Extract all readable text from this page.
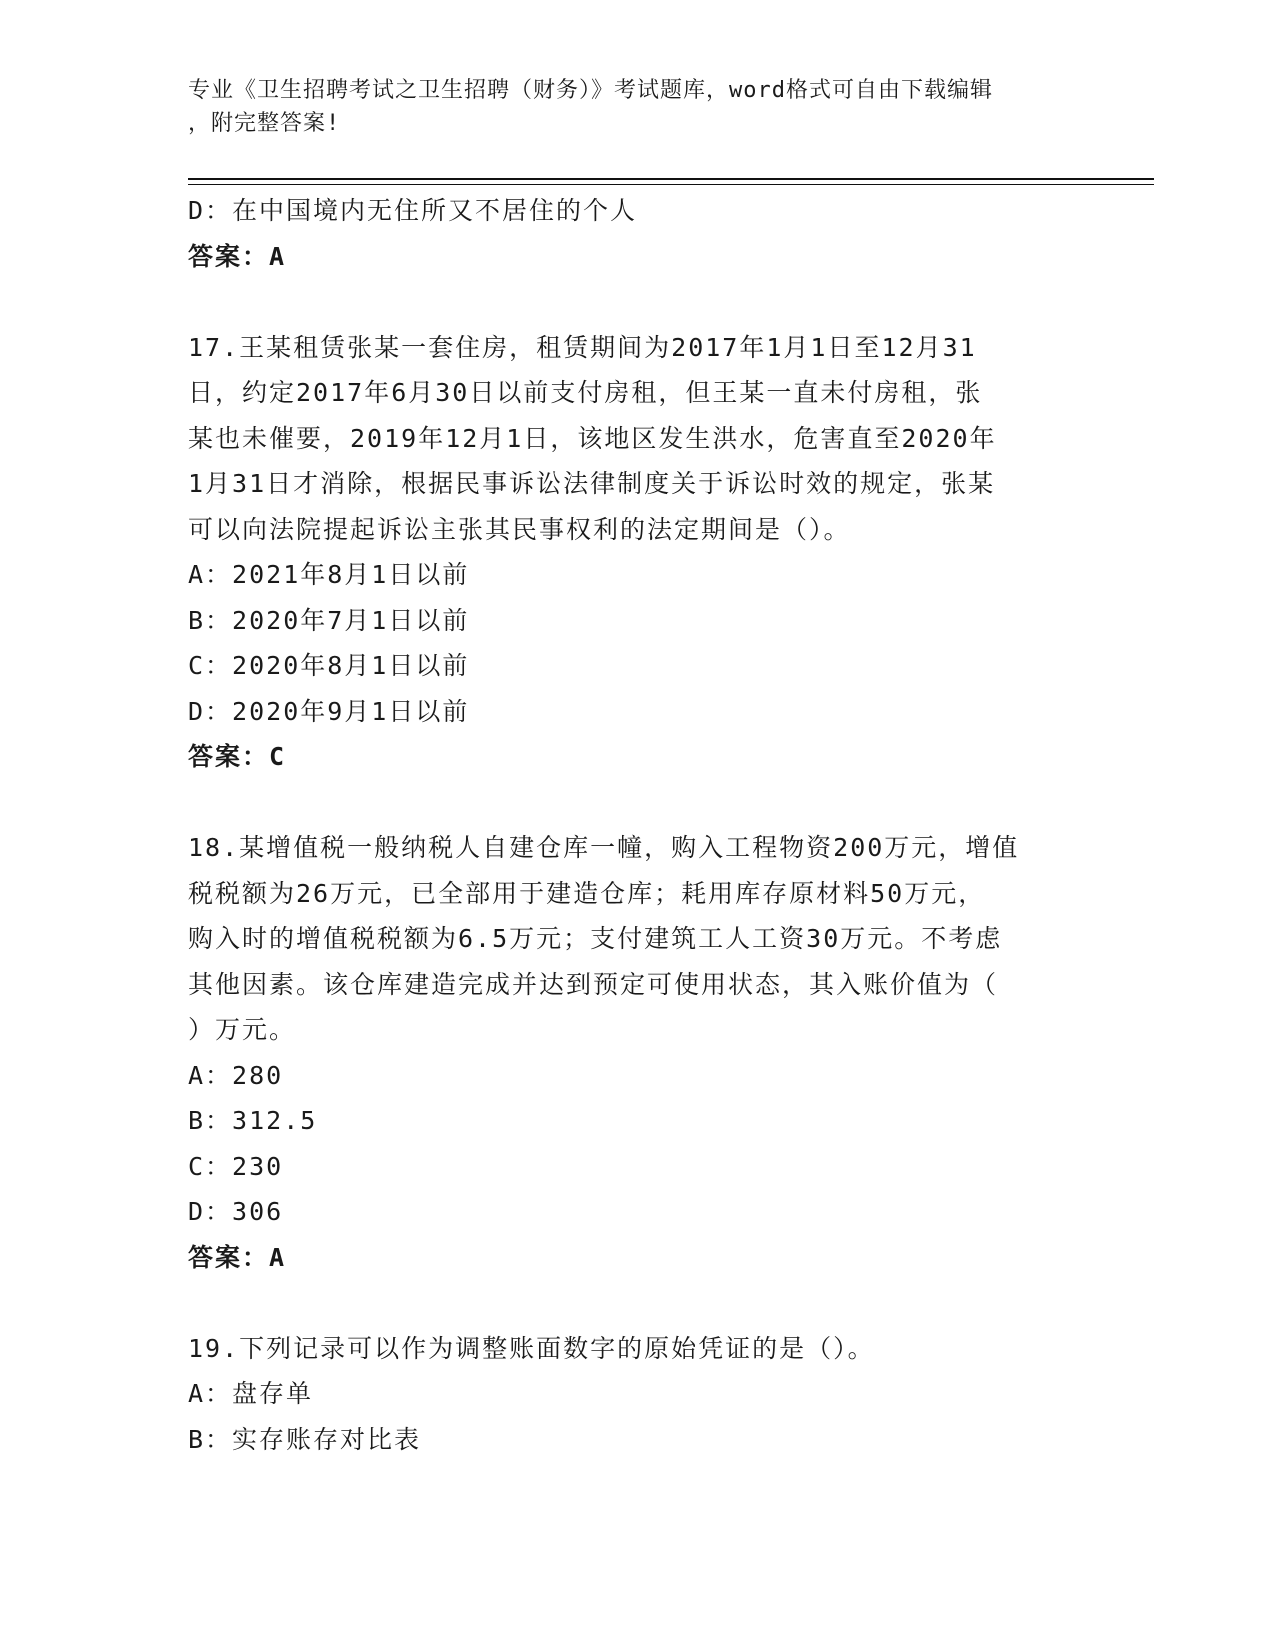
专业《卫生招聘考试之卫生招聘（财务）》考试题库，word格式可自由下载编辑
，附完整答案!
D：在中国境内无住所又不居住的个人
答案：A
17.王某租赁张某一套住房，租赁期间为2017年1月1日至12月31
日，约定2017年6月30日以前支付房租，但王某一直未付房租，张
某也未催要，2019年12月1日，该地区发生洪水，危害直至2020年
1月31日才消除，根据民事诉讼法律制度关于诉讼时效的规定，张某
可以向法院提起诉讼主张其民事权利的法定期间是（）。
A：2021年8月1日以前
B：2020年7月1日以前
C：2020年8月1日以前
D：2020年9月1日以前
答案：C
18.某增值税一般纳税人自建仓库一幢，购入工程物资200万元，增值
税税额为26万元，已全部用于建造仓库；耗用库存原材料50万元，
购入时的增值税税额为6.5万元；支付建筑工人工资30万元。不考虑
其他因素。该仓库建造完成并达到预定可使用状态，其入账价值为（
）万元。
A：280
B：312.5
C：230
D：306
答案：A
19.下列记录可以作为调整账面数字的原始凭证的是（）。
A：盘存单
B：实存账存对比表
